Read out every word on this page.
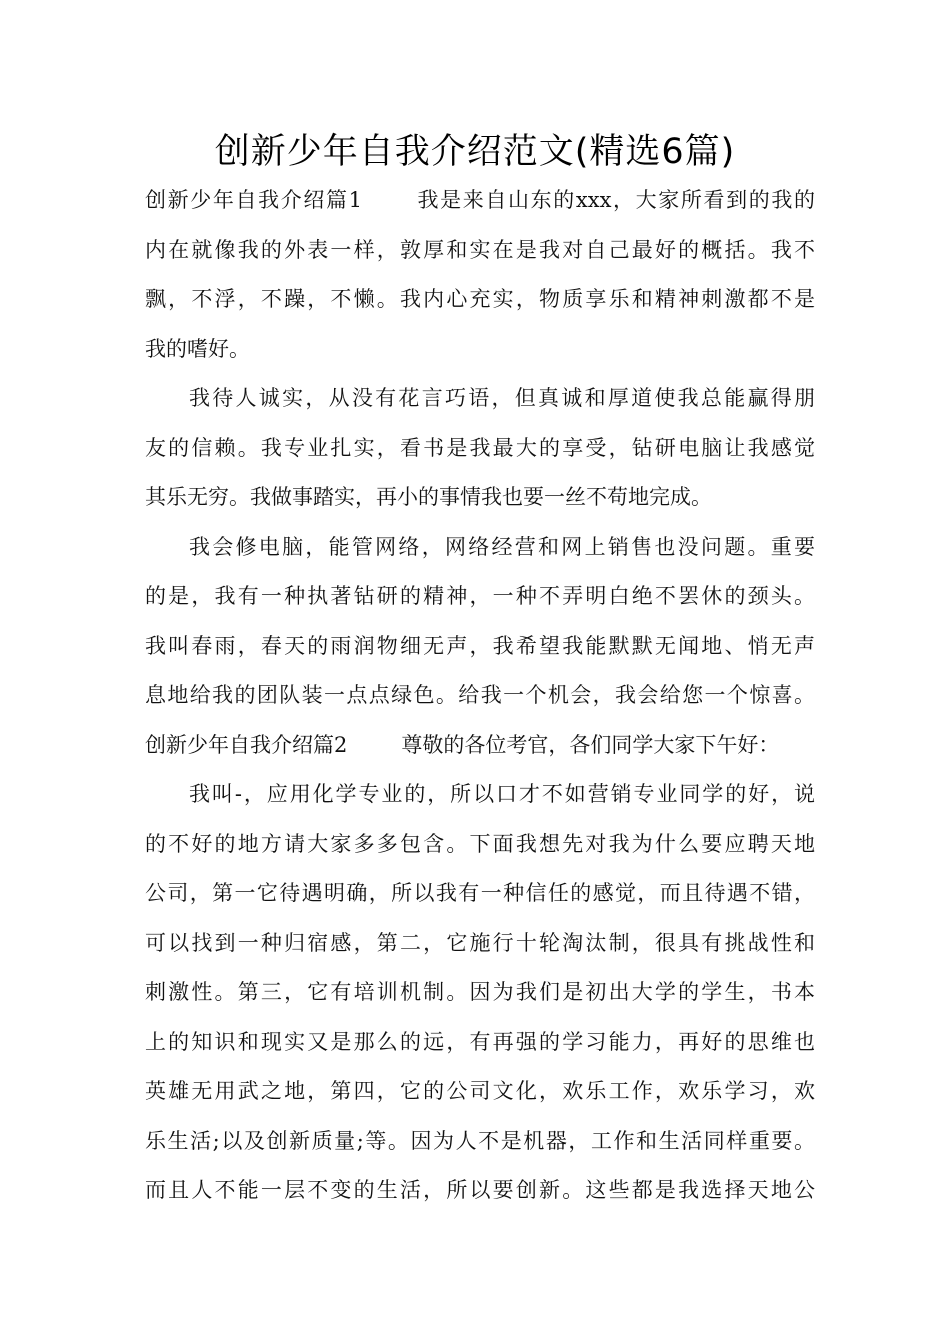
创新少年自我介绍范文(精选6篇)
创新少年自我介绍篇1	我是来自山东的xxx，大家所看到的我的
内在就像我的外表一样，敦厚和实在是我对自己最好的概括。我不
飘，不浮，不躁，不懒。我内心充实，物质享乐和精神刺激都不是
我的嗜好。
我待人诚实，从没有花言巧语，但真诚和厚道使我总能赢得朋
友的信赖。我专业扎实，看书是我最大的享受，钻研电脑让我感觉
其乐无穷。我做事踏实，再小的事情我也要一丝不苟地完成。
我会修电脑，能管网络，网络经营和网上销售也没问题。重要
的是，我有一种执著钻研的精神，一种不弄明白绝不罢休的颈头。
我叫春雨，春天的雨润物细无声，我希望我能默默无闻地、悄无声
息地给我的团队装一点点绿色。给我一个机会，我会给您一个惊喜。
创新少年自我介绍篇2	尊敬的各位考官，各们同学大家下午好：
我叫-，应用化学专业的，所以口才不如营销专业同学的好，说
的不好的地方请大家多多包含。下面我想先对我为什么要应聘天地
公司，第一它待遇明确，所以我有一种信任的感觉，而且待遇不错，
可以找到一种归宿感，第二，它施行十轮淘汰制，很具有挑战性和
刺激性。第三，它有培训机制。因为我们是初出大学的学生，书本
上的知识和现实又是那么的远，有再强的学习能力，再好的思维也
英雄无用武之地，第四，它的公司文化，欢乐工作，欢乐学习，欢
乐生活;以及创新质量;等。因为人不是机器，工作和生活同样重要。
而且人不能一层不变的生活，所以要创新。这些都是我选择天地公
